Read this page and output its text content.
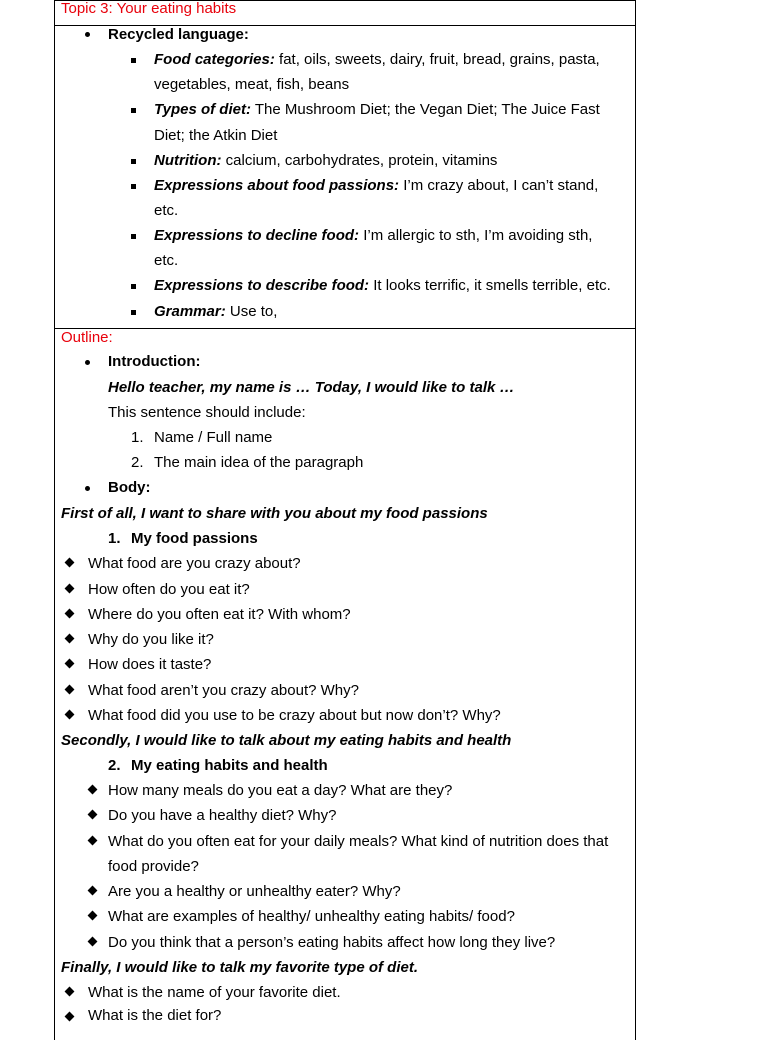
Topic 3: Your eating habits
Recycled language:
Food categories: fat, oils, sweets, dairy, fruit, bread, grains, pasta,
vegetables, meat, fish, beans
Types of diet: The Mushroom Diet; the Vegan Diet; The Juice Fast
Diet; the Atkin Diet
Nutrition: calcium, carbohydrates, protein, vitamins
Expressions about food passions: I’m crazy about, I can’t stand,
etc.
Expressions to decline food: I’m allergic to sth, I’m avoiding sth,
etc.
Expressions to describe food: It looks terrific, it smells terrible, etc.
Grammar: Use to,
Outline:
Introduction:
Hello teacher, my name is … Today, I would like to talk …
This sentence should include:
1. Name / Full name
2. The main idea of the paragraph
Body:
First of all, I want to share with you about my food passions
1. My food passions
What food are you crazy about?
How often do you eat it?
Where do you often eat it? With whom?
Why do you like it?
How does it taste?
What food aren’t you crazy about? Why?
What food did you use to be crazy about but now don’t? Why?
Secondly, I would like to talk about my eating habits and health
2. My eating habits and health
How many meals do you eat a day? What are they?
Do you have a healthy diet? Why?
What do you often eat for your daily meals? What kind of nutrition does that
food provide?
Are you a healthy or unhealthy eater? Why?
What are examples of healthy/ unhealthy eating habits/ food?
Do you think that a person’s eating habits affect how long they live?
Finally, I would like to talk my favorite type of diet.
What is the name of your favorite diet.
What is the diet for?
